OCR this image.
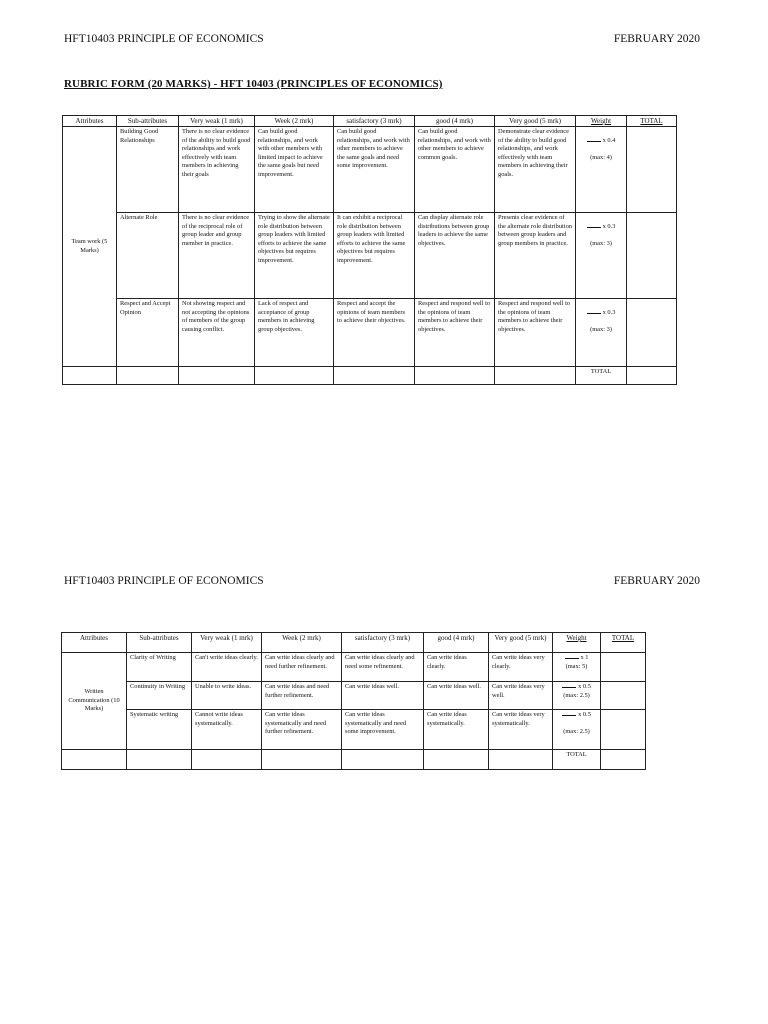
HFT10403 PRINCIPLE OF ECONOMICS	FEBRUARY 2020
RUBRIC FORM (20 MARKS) - HFT 10403 (PRINCIPLES OF ECONOMICS)
Attributes	Sub-attributes	Very weak (1 mrk)	Week (2 mrk)	satisfactory (3 mrk)	good (4 mrk)	Very good (5 mrk)	Weight	TOTAL
Team work (5 Marks)	Building Good Relationships	There is no clear evidence of the ability to build good relationships and work effectively with team members in achieving their goals	Can build good relationships, and work with other members with limited impact to achieve the same goals but need improvement.	Can build good relationships, and work with other members to achieve the same goals and need some improvement.	Can build good relationships, and work with other members to achieve common goals.	Demonstrate clear evidence of the ability to build good relationships, and work effectively with team members in achieving their goals.	x 0.4

(max: 4)	
	Alternate Role	There is no clear evidence of the reciprocal role of group leader and group member in practice.	Trying to show the alternate role distribution between group leaders with limited efforts to achieve the same objectives but requires improvement.	It can exhibit a reciprocal role distribution between group leaders with limited efforts to achieve the same objectives but requires improvement.	Can display alternate role distributions between group leaders to achieve the same objectives.	Presents clear evidence of the alternate role distribution between group leaders and group members in practice.	x 0.3

(max: 3)	
	Respect and Accept Opinion	Not showing respect and not accepting the opinions of members of the group causing conflict.	Lack of respect and acceptance of group members in achieving group objectives.	Respect and accept the opinions of team members to achieve their objectives.	Respect and respond well to the opinions of team members to achieve their objectives.	Respect and respond well to the opinions of team members to achieve their objectives.	x 0.3

(max: 3)	
							TOTAL	
HFT10403 PRINCIPLE OF ECONOMICS	FEBRUARY 2020
Attributes	Sub-attributes	Very weak (1 mrk)	Week (2 mrk)	satisfactory (3 mrk)	good (4 mrk)	Very good (5 mrk)	Weight	TOTAL
Written Communication (10 Marks)	Clarity of Writing	Can't write ideas clearly.	Can write ideas clearly and need further refinement.	Can write ideas clearly and need some refinement.	Can write ideas clearly.	Can write ideas very clearly.	x 1
(max: 5)	
	Continuity in Writing	Unable to write ideas.	Can write ideas and need further refinement.	Can write ideas well.	Can write ideas well.	Can write ideas very well.	x 0.5
(max: 2.5)	
	Systematic writing	Cannot write ideas systematically.	Can write ideas systematically and need further refinement.	Can write ideas systematically and need some improvement.	Can write ideas systematically.	Can write ideas very systematically.	x 0.5

(max: 2.5)	
							TOTAL	
